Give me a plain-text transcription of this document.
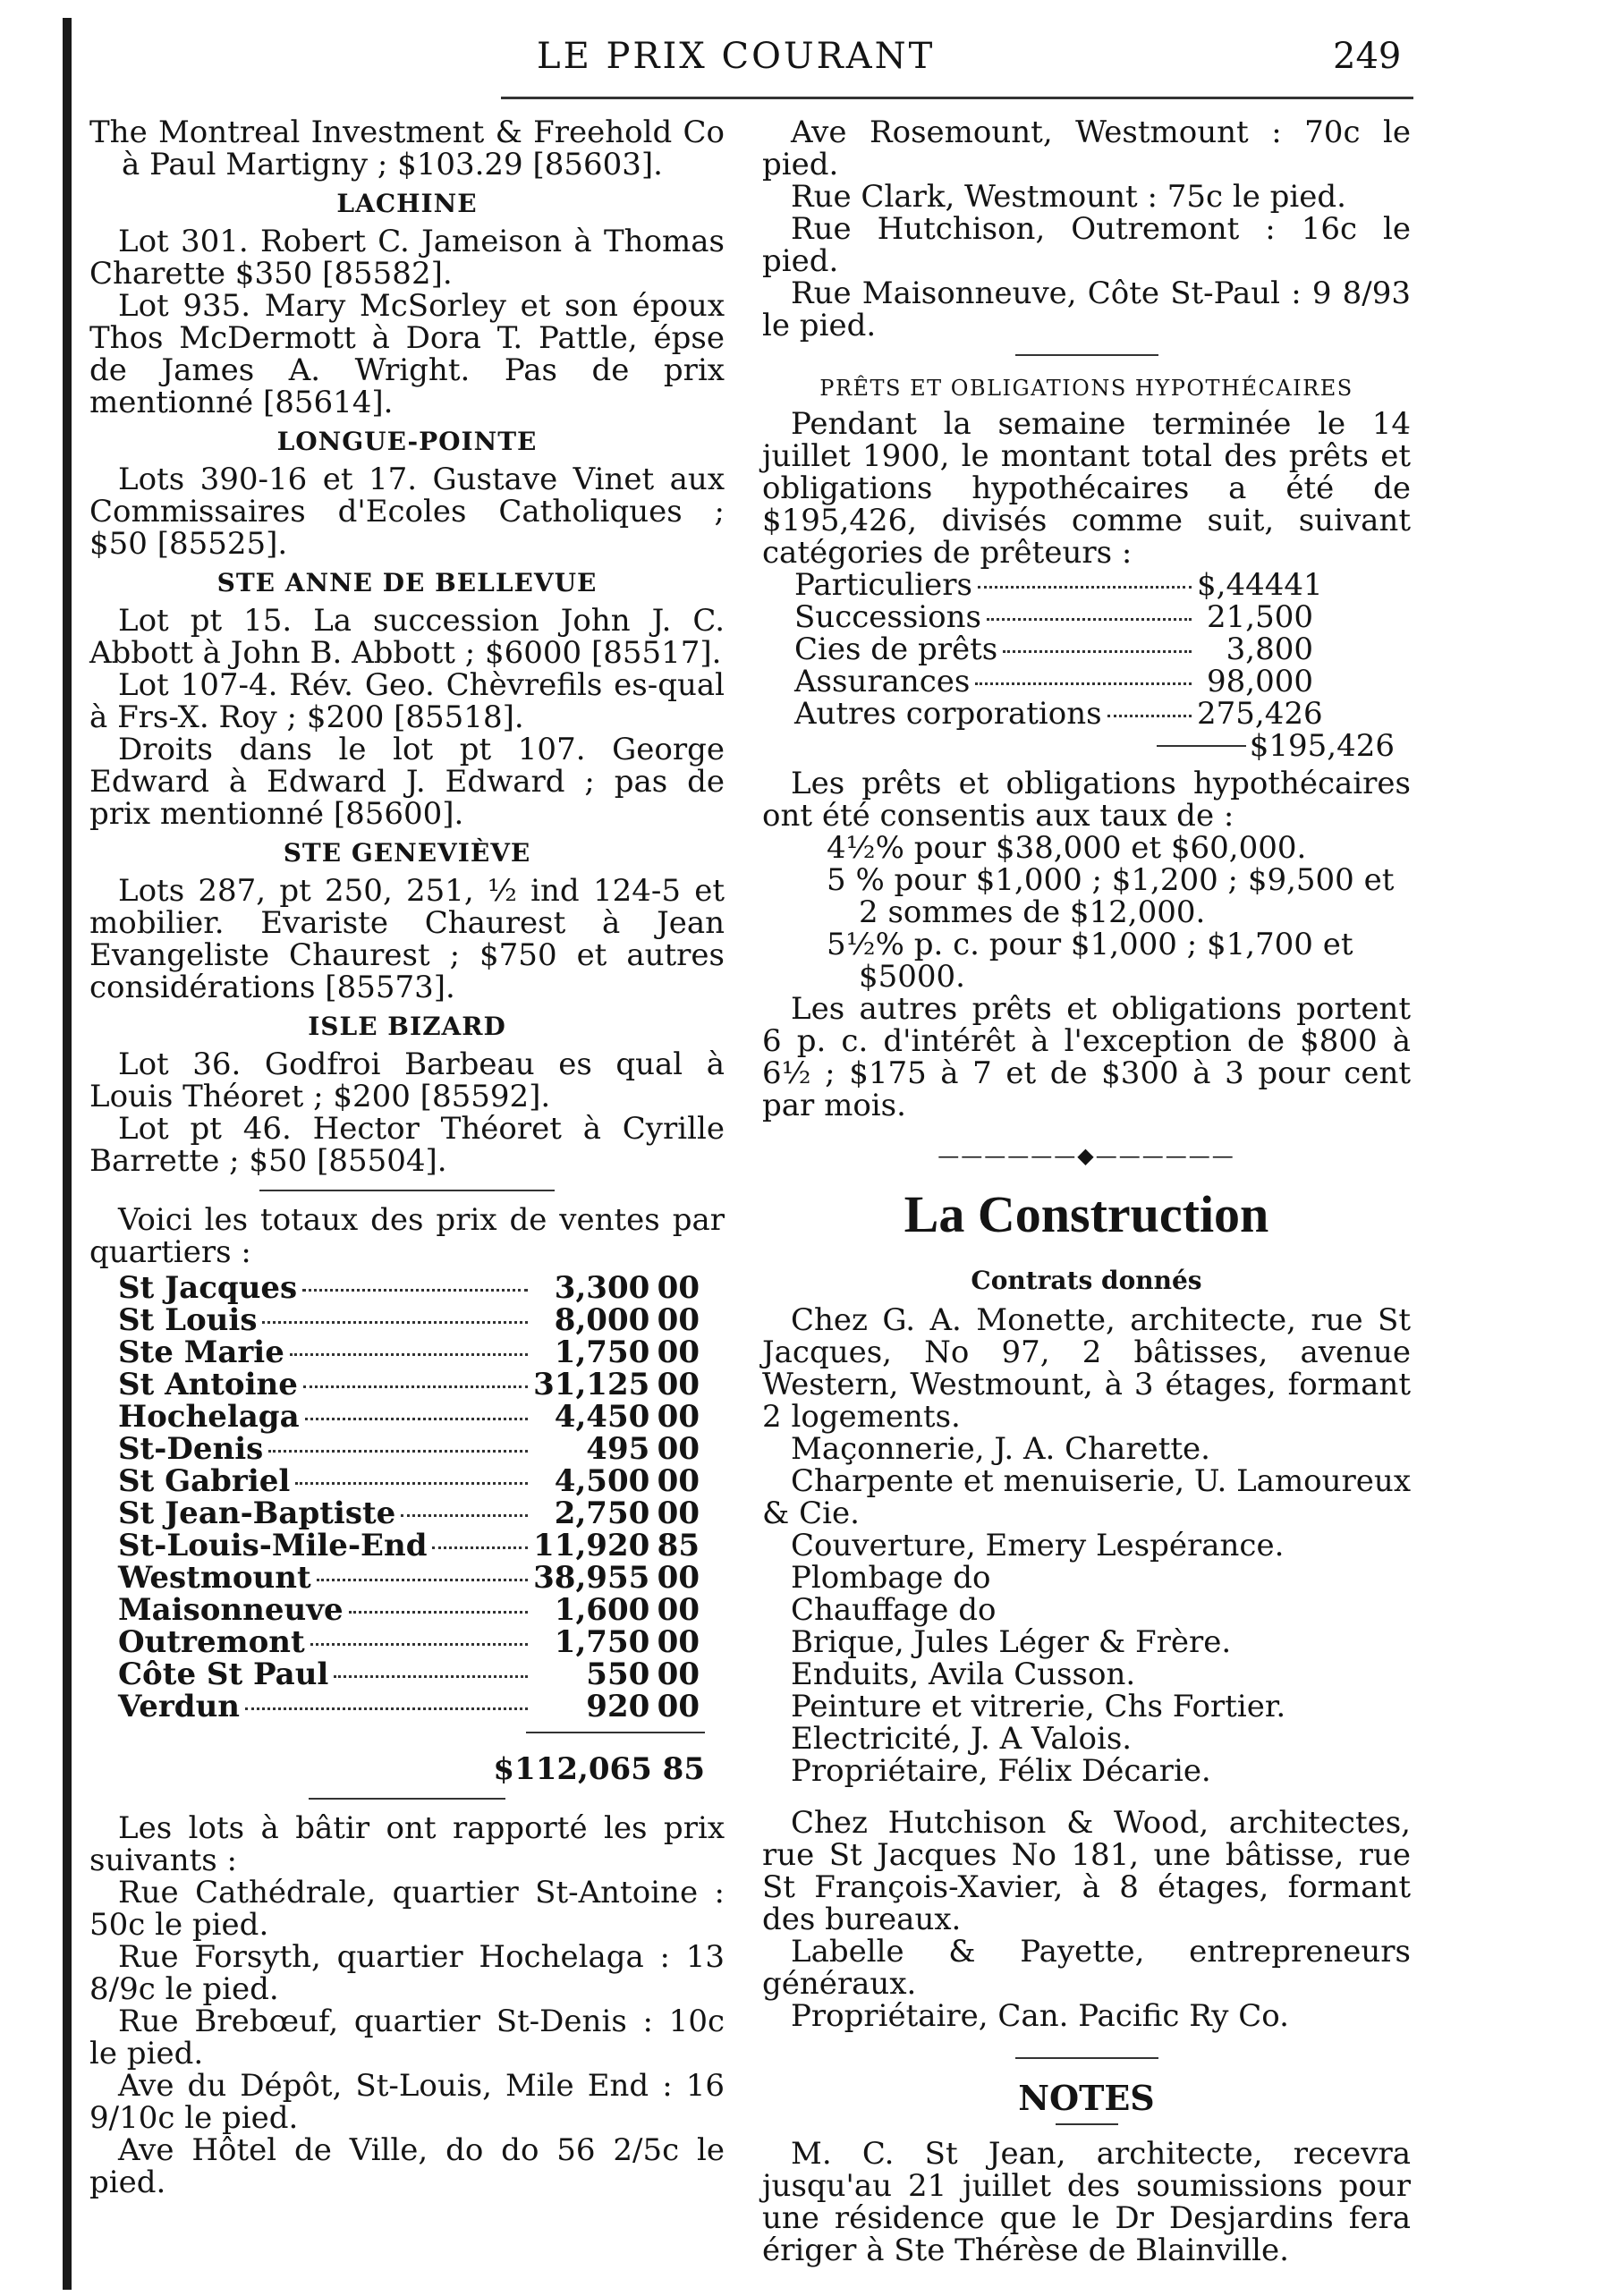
LE PRIX COURANT	249

The Montreal Investment & Freehold Co à Paul Martigny ; $103.29 [85603].

LACHINE

Lot 301. Robert C. Jameison à Thomas Charette $350 [85582].

Lot 935. Mary McSorley et son époux Thos McDermott à Dora T. Pattle, épse de James A. Wright. Pas de prix mentionné [85614].

LONGUE-POINTE

Lots 390-16 et 17. Gustave Vinet aux Commissaires d'Ecoles Catholiques ; $50 [85525].

STE ANNE DE BELLEVUE

Lot pt 15. La succession John J. C. Abbott à John B. Abbott ; $6000 [85517].

Lot 107-4. Rév. Geo. Chèvrefils es-qual à Frs-X. Roy ; $200 [85518].

Droits dans le lot pt 107. George Edward à Edward J. Edward ; pas de prix mentionné [85600].

STE GENEVIÈVE

Lots 287, pt 250, 251, ½ ind 124-5 et mobilier. Evariste Chaurest à Jean Evangeliste Chaurest ; $750 et autres considérations [85573].

ISLE BIZARD

Lot 36. Godfroi Barbeau es qual à Louis Théoret ; $200 [85592].

Lot pt 46. Hector Théoret à Cyrille Barrette ; $50 [85504].

Voici les totaux des prix de ventes par quartiers :

St Jacques	3,300	00

St Louis	8,000	00

Ste Marie	1,750	00

St Antoine	31,125	00

Hochelaga	4,450	00

St-Denis	495	00

St Gabriel	4,500	00

St Jean-Baptiste	2,750	00

St-Louis-Mile-End	11,920	85

Westmount	38,955	00

Maisonneuve	1,600	00

Outremont	1,750	00

Côte St Paul	550	00

Verdun	920	00
$112,065 85

Les lots à bâtir ont rapporté les prix suivants :

Rue Cathédrale, quartier St-Antoine : 50c le pied.

Rue Forsyth, quartier Hochelaga : 13 8/9c le pied.

Rue Brebœuf, quartier St-Denis : 10c le pied.

Ave du Dépôt, St-Louis, Mile End : 16 9/10c le pied.

Ave Hôtel de Ville, do do 56 2/5c le pied.

Ave Rosemount, Westmount : 70c le pied.

Rue Clark, Westmount : 75c le pied.

Rue Hutchison, Outremont : 16c le pied.

Rue Maisonneuve, Côte St-Paul : 9 8/93 le pied.

PRÊTS ET OBLIGATIONS HYPOTHÉCAIRES

Pendant la semaine terminée le 14 juillet 1900, le montant total des prêts et obligations hypothécaires a été de $195,426, divisés comme suit, suivant catégories de prêteurs :

Particuliers	$,44441
Successions	21,500
Cies de prêts	3,800
Assurances	98,000
Autres corporations	275,426
$195,426

Les prêts et obligations hypothécaires ont été consentis aux taux de :

4½% pour $38,000 et $60,000.

5 % pour $1,000 ; $1,200 ; $9,500 et 2 sommes de $12,000.

5½% p. c. pour $1,000 ; $1,700 et $5000.

Les autres prêts et obligations portent 6 p. c. d'intérêt à l'exception de $800 à 6½ ; $175 à 7 et de $300 à 3 pour cent par mois.

——————◆——————
La Construction
Contrats donnés

Chez G. A. Monette, architecte, rue St Jacques, No 97, 2 bâtisses, avenue Western, Westmount, à 3 étages, formant 2 logements.

Maçonnerie, J. A. Charette.

Charpente et menuiserie, U. Lamoureux & Cie.

Couverture, Emery Lespérance.

Plombage do

Chauffage do

Brique, Jules Léger & Frère.

Enduits, Avila Cusson.

Peinture et vitrerie, Chs Fortier.

Electricité, J. A Valois.

Propriétaire, Félix Décarie.

Chez Hutchison & Wood, architectes, rue St Jacques No 181, une bâtisse, rue St François-Xavier, à 8 étages, formant des bureaux.

Labelle & Payette, entrepreneurs généraux.

Propriétaire, Can. Pacific Ry Co.

NOTES

M. C. St Jean, architecte, recevra jusqu'au 21 juillet des soumissions pour une résidence que le Dr Desjardins fera ériger à Ste Thérèse de Blainville.
